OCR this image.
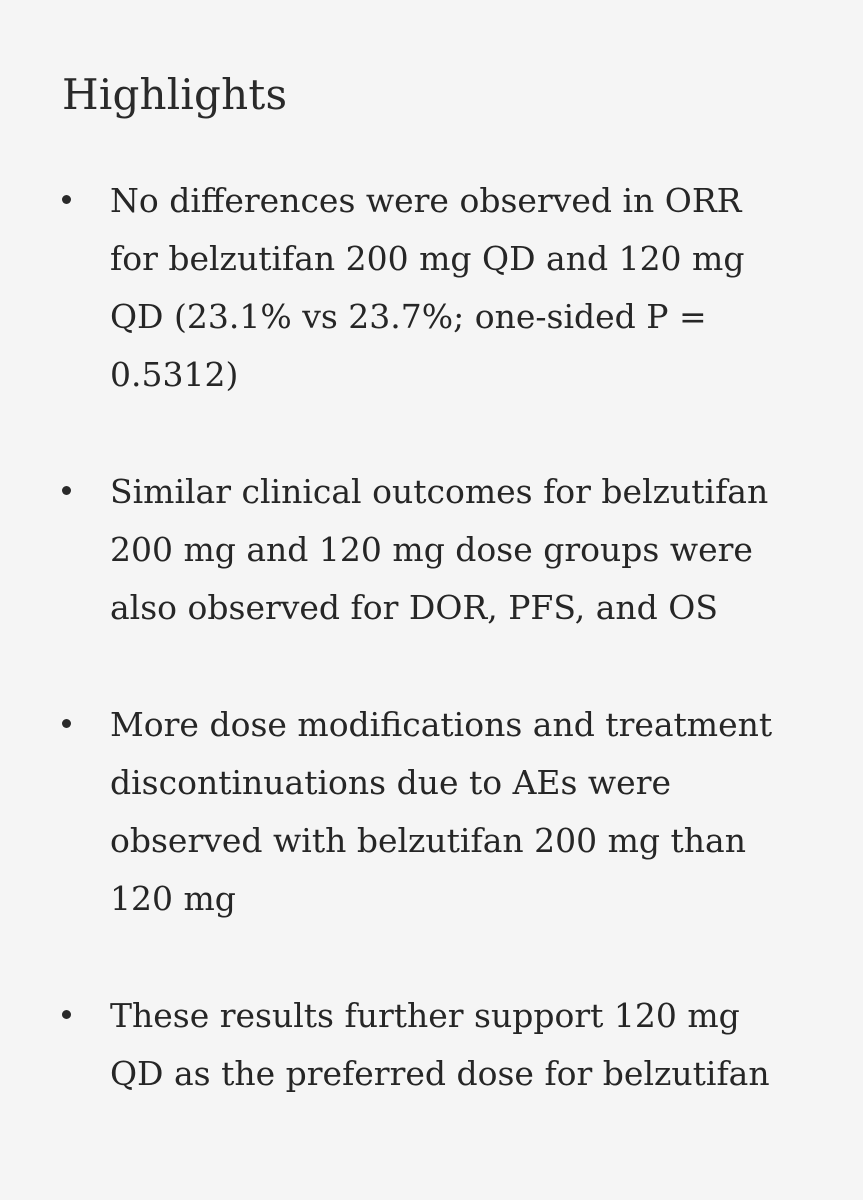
Highlights
No differences were observed in ORR for belzutifan 200 mg QD and 120 mg QD (23.1% vs 23.7%; one-sided P = 0.5312)
Similar clinical outcomes for belzutifan 200 mg and 120 mg dose groups were also observed for DOR, PFS, and OS
More dose modifications and treatment discontinuations due to AEs were observed with belzutifan 200 mg than 120 mg
These results further support 120 mg QD as the preferred dose for belzutifan
